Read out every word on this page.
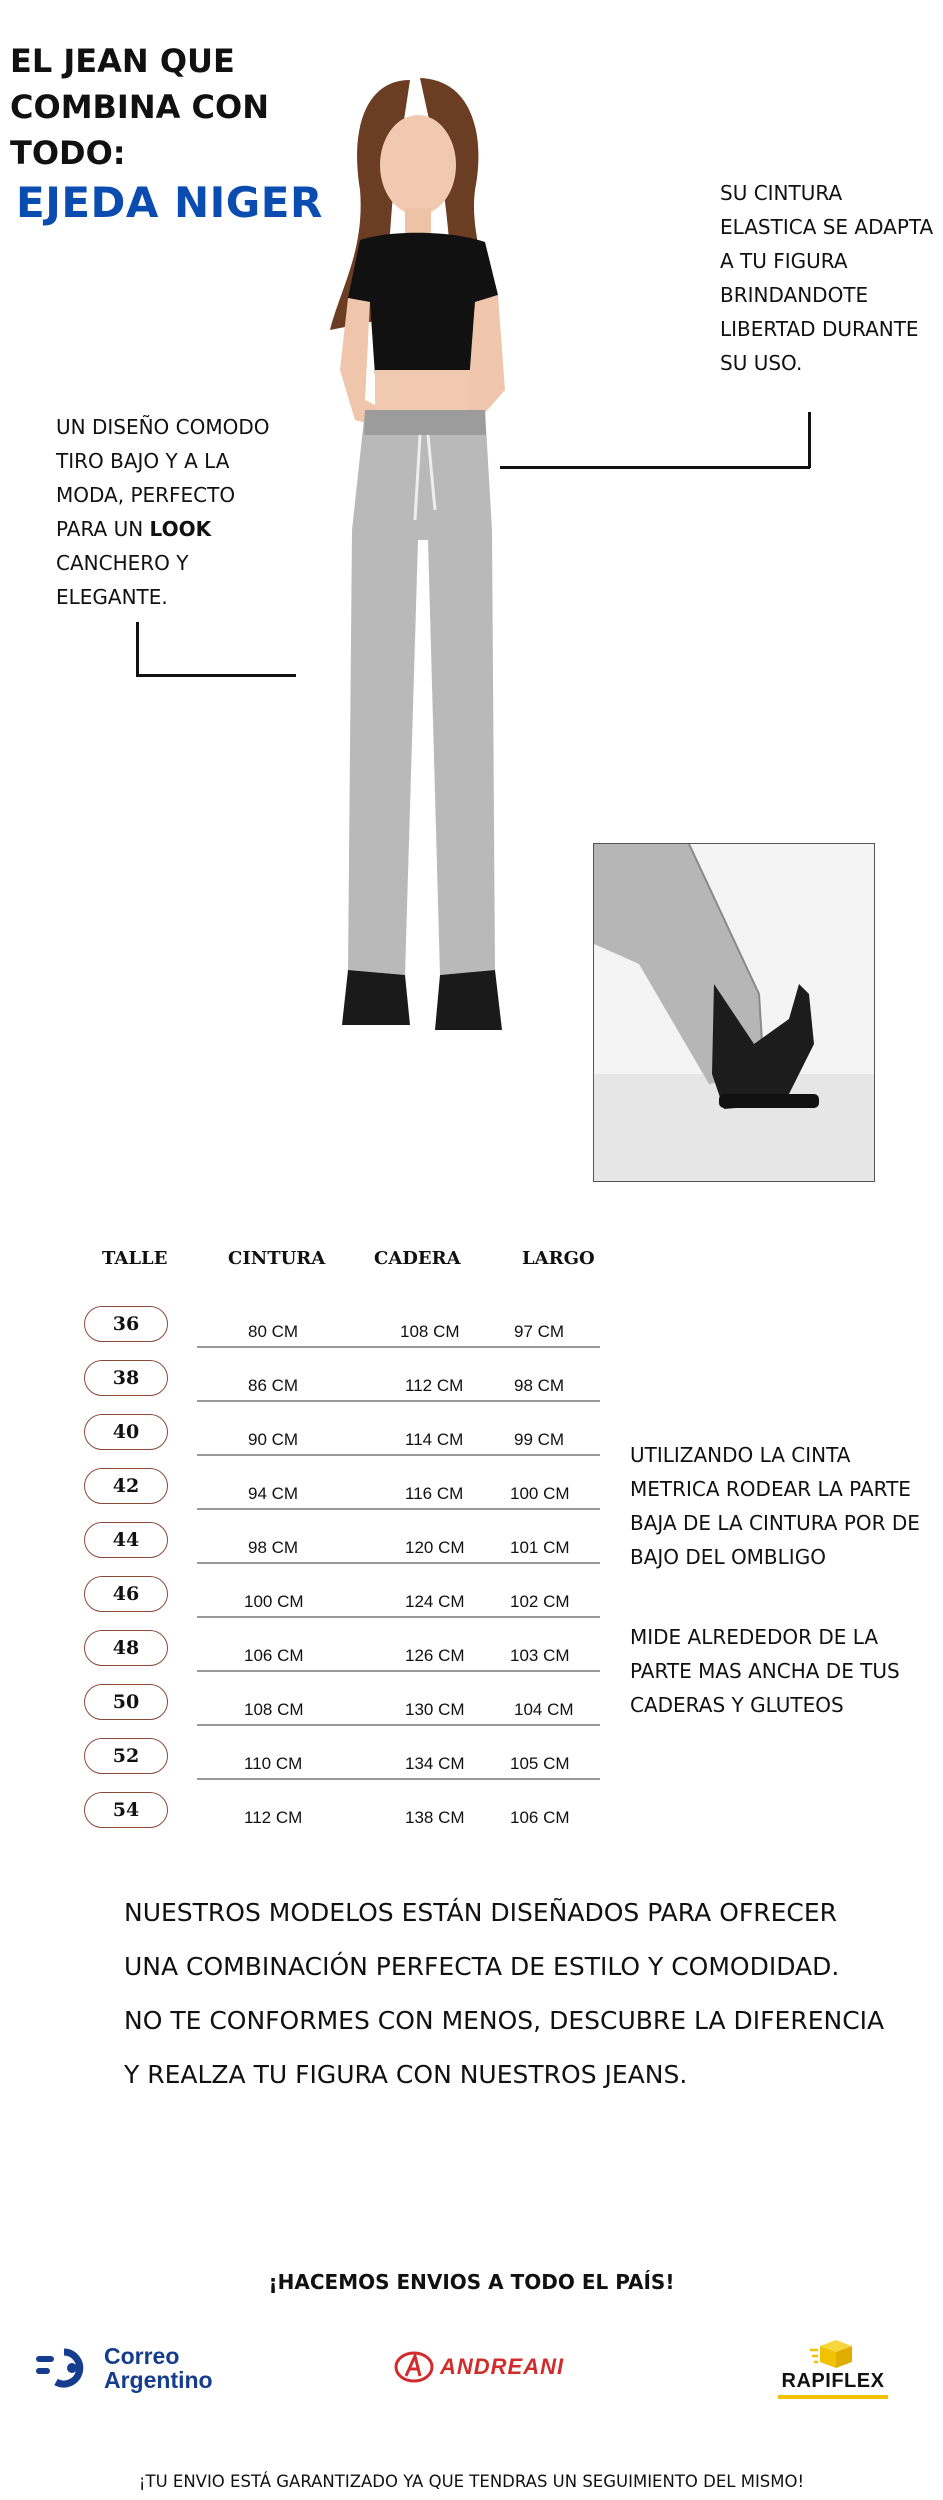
EL JEAN QUE
COMBINA CON
TODO:
EJEDA NIGER	SU CINTURA ELASTICA SE ADAPTA A TU FIGURA BRINDANDOTE LIBERTAD DURANTE SU USO.
UN DISEÑO COMODO TIRO BAJO Y A LA MODA, PERFECTO PARA UN LOOK CANCHERO Y ELEGANTE.
TALLE	CINTURA	CADERA	LARGO
36	80 CM	108 CM	97 CM
38	86 CM	112 CM	98 CM
40	90 CM	114 CM	99 CM
42	94 CM	116 CM	100 CM
44	98 CM	120 CM	101 CM
46	100 CM	124 CM	102 CM
48	106 CM	126 CM	103 CM
50	108 CM	130 CM	104 CM
52	110 CM	134 CM	105 CM
54	112 CM	138 CM	106 CM
UTILIZANDO LA CINTA METRICA RODEAR LA PARTE BAJA DE LA CINTURA POR DE BAJO DEL OMBLIGO
MIDE ALREDEDOR DE LA PARTE MAS ANCHA DE TUS CADERAS Y GLUTEOS
NUESTROS MODELOS ESTÁN DISEÑADOS PARA OFRECER
UNA COMBINACIÓN PERFECTA DE ESTILO Y COMODIDAD.
NO TE CONFORMES CON MENOS, DESCUBRE LA DIFERENCIA
Y REALZA TU FIGURA CON NUESTROS JEANS.
¡HACEMOS ENVIOS A TODO EL PAÍS!
Correo
Argentino
ANDREANI
RAPIFLEX
¡TU ENVIO ESTÁ GARANTIZADO YA QUE TENDRAS UN SEGUIMIENTO DEL MISMO!
